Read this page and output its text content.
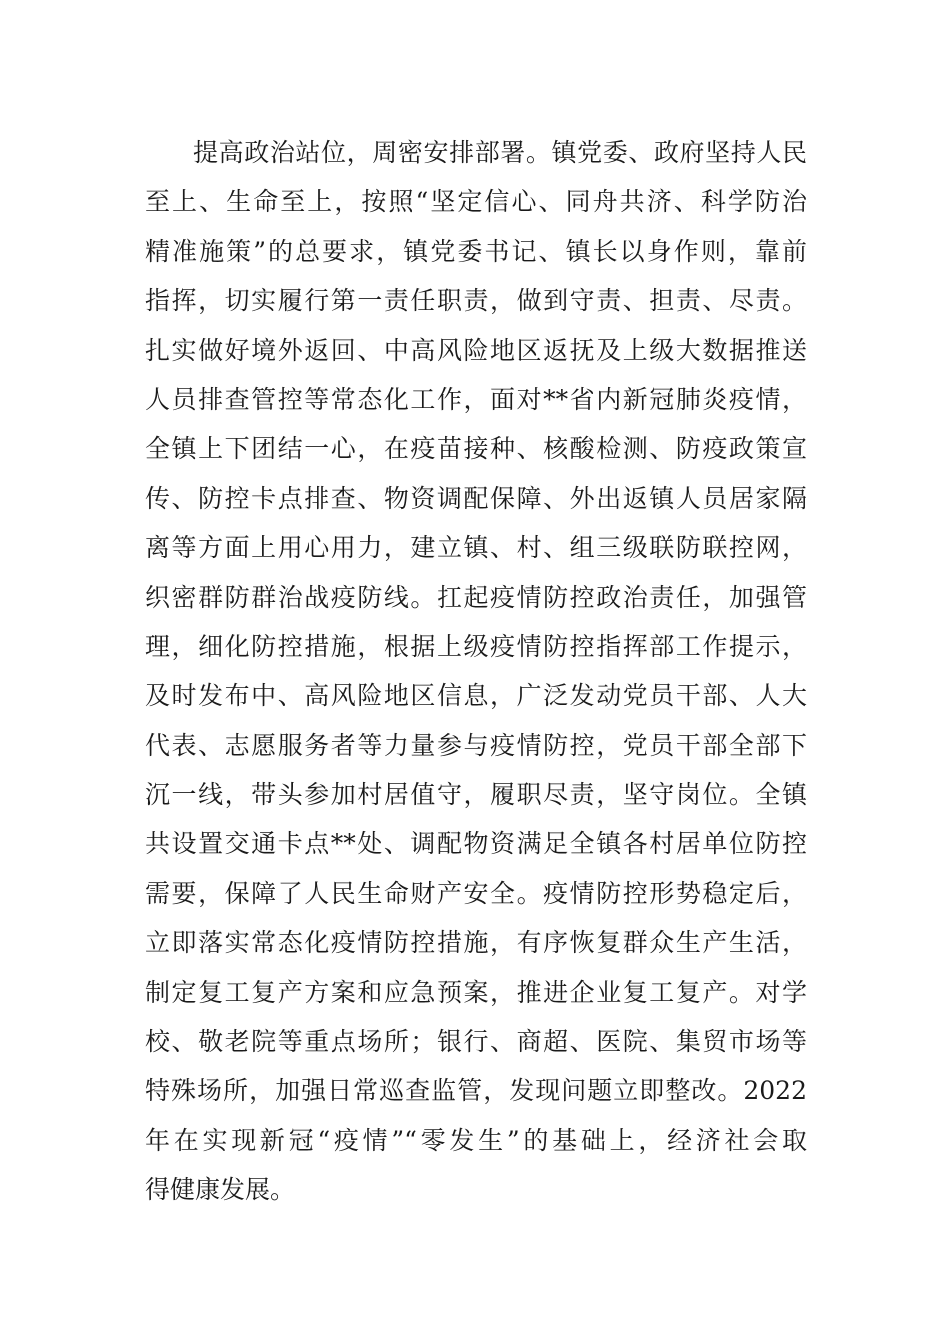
提高政治站位，周密安排部署。镇党委、政府坚持人民
至上、生命至上，按照“坚定信心、同舟共济、科学防治
精准施策”的总要求，镇党委书记、镇长以身作则，靠前
指挥，切实履行第一责任职责，做到守责、担责、尽责。
扎实做好境外返回、中高风险地区返抚及上级大数据推送
人员排查管控等常态化工作，面对**省内新冠肺炎疫情，
全镇上下团结一心，在疫苗接种、核酸检测、防疫政策宣
传、防控卡点排查、物资调配保障、外出返镇人员居家隔
离等方面上用心用力，建立镇、村、组三级联防联控网，
织密群防群治战疫防线。扛起疫情防控政治责任，加强管
理，细化防控措施，根据上级疫情防控指挥部工作提示，
及时发布中、高风险地区信息，广泛发动党员干部、人大
代表、志愿服务者等力量参与疫情防控，党员干部全部下
沉一线，带头参加村居值守，履职尽责，坚守岗位。全镇
共设置交通卡点**处、调配物资满足全镇各村居单位防控
需要，保障了人民生命财产安全。疫情防控形势稳定后，
立即落实常态化疫情防控措施，有序恢复群众生产生活，
制定复工复产方案和应急预案，推进企业复工复产。对学
校、敬老院等重点场所；银行、商超、医院、集贸市场等
特殊场所，加强日常巡查监管，发现问题立即整改。2022
年在实现新冠“疫情”“零发生”的基础上，经济社会取
得健康发展。
